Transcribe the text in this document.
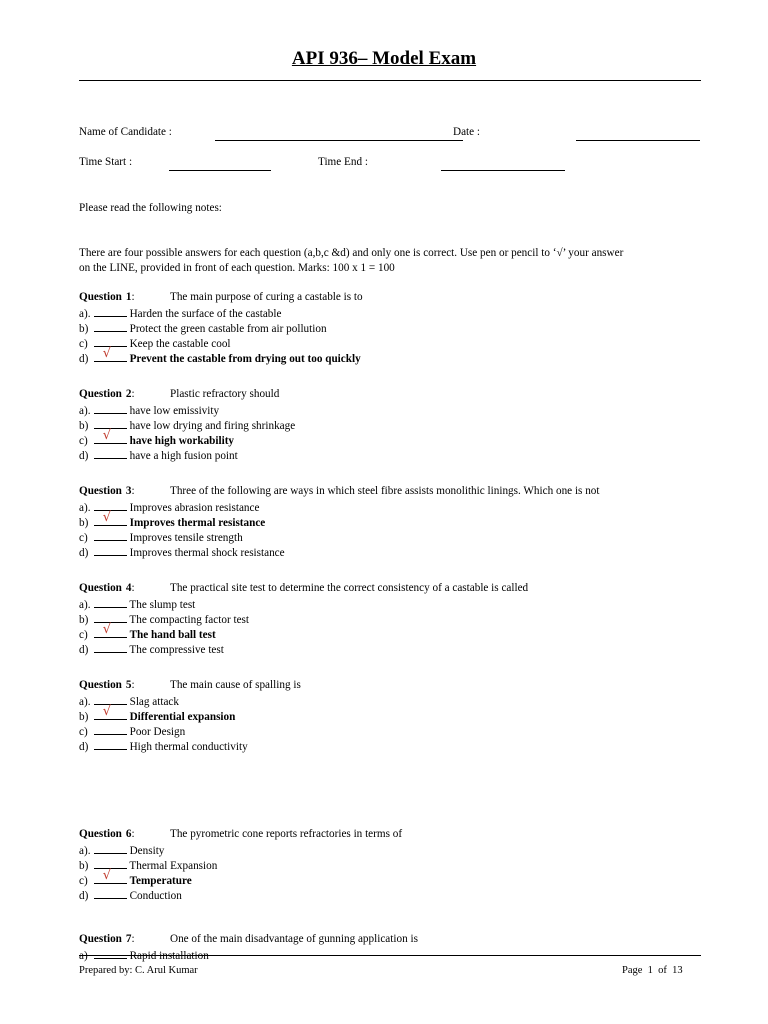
API 936– Model Exam
Name of Candidate :	Date :
Time Start :	Time End :
Please read the following notes:
There are four possible answers for each question (a,b,c &d) and only one is correct. Use pen or pencil to ‘√’ your answer
on the LINE, provided in front of each question. Marks: 100 x 1 = 100
Question 1:	The main purpose of curing a castable is to
a).	Harden the surface of the castable
b)	Protect the green castable from air pollution
c)	Keep the castable cool
d) √ Prevent the castable from drying out too quickly
Question 2:	Plastic refractory should
a).	have low emissivity
b)	have low drying and firing shrinkage
c) √ have high workability
d)	have a high fusion point
Question 3:	Three of the following are ways in which steel fibre assists monolithic linings. Which one is not
a).	Improves abrasion resistance
b) √ Improves thermal resistance
c)	Improves tensile strength
d)	Improves thermal shock resistance
Question 4:	The practical site test to determine the correct consistency of a castable is called
a).	The slump test
b)	The compacting factor test
c) √ The hand ball test
d)	The compressive test
Question 5:	The main cause of spalling is
a).	Slag attack
b) √ Differential expansion
c)	Poor Design
d)	High thermal conductivity
Question 6:	The pyrometric cone reports refractories in terms of
a).	Density
b)	Thermal Expansion
c) √ Temperature
d)	Conduction
Question 7:	One of the main disadvantage of gunning application is
a)	Rapid installation
Prepared by: C. Arul Kumar	Page 1 of 13
